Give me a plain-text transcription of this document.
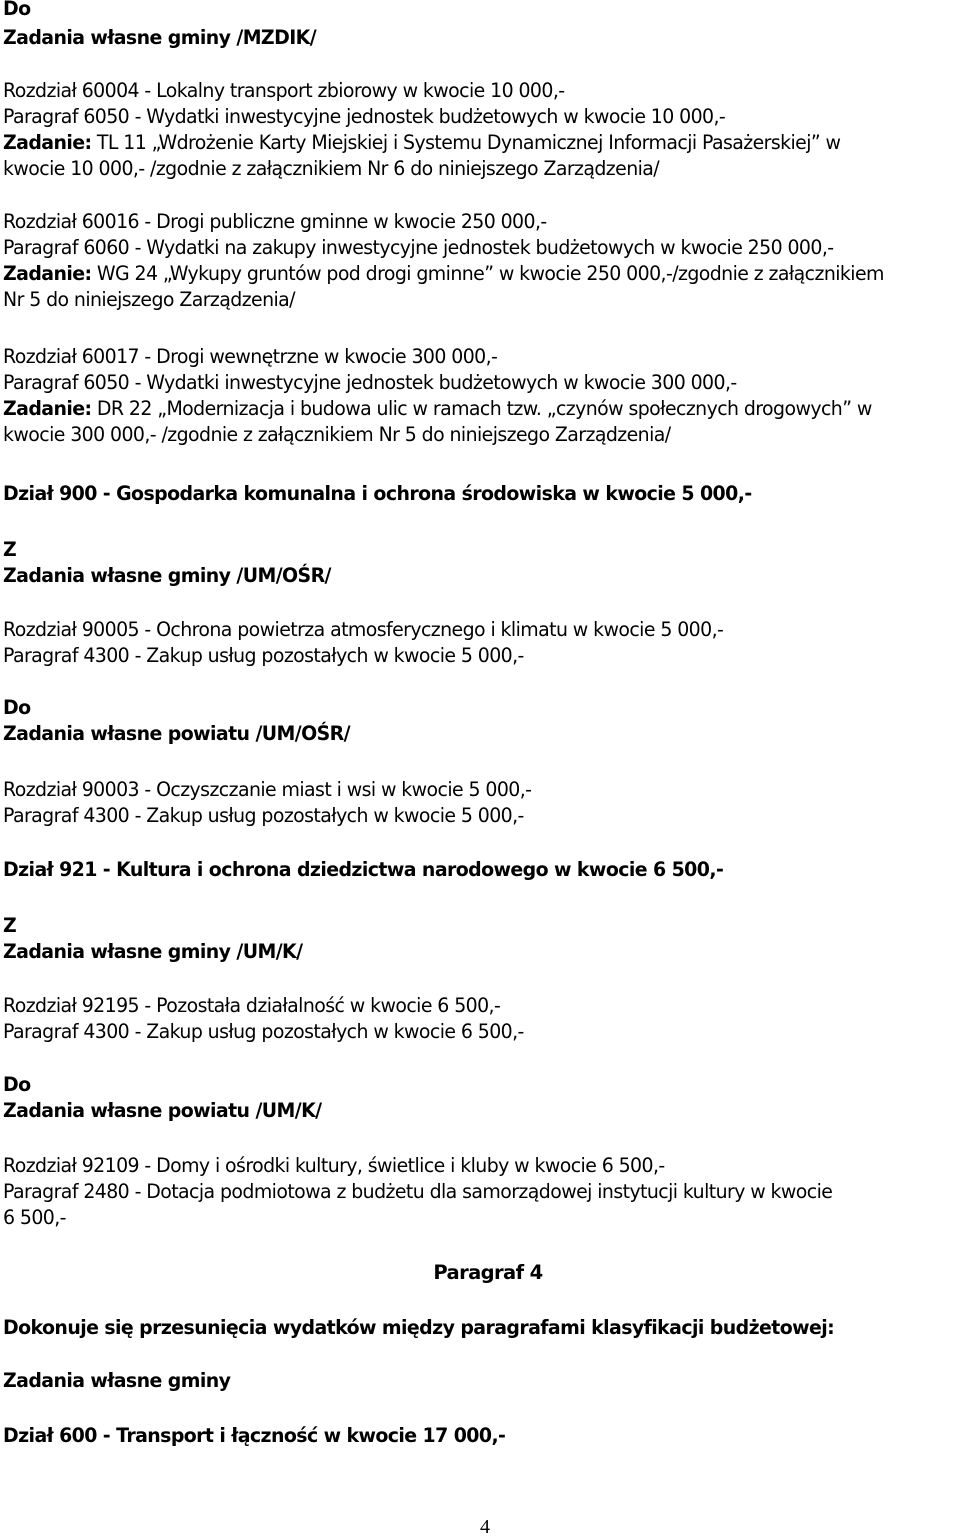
Do
Zadania własne gminy /MZDIK/
Rozdział 60004 - Lokalny transport zbiorowy w kwocie 10 000,-
Paragraf 6050 - Wydatki inwestycyjne jednostek budżetowych w kwocie 10 000,-
Zadanie: TL 11 „Wdrożenie Karty Miejskiej i Systemu Dynamicznej Informacji Pasażerskiej” w
kwocie 10 000,- /zgodnie z załącznikiem Nr 6 do niniejszego Zarządzenia/
Rozdział 60016 - Drogi publiczne gminne w kwocie 250 000,-
Paragraf 6060 - Wydatki na zakupy inwestycyjne jednostek budżetowych w kwocie 250 000,-
Zadanie: WG 24 „Wykupy gruntów pod drogi gminne” w kwocie 250 000,-/zgodnie z załącznikiem
Nr 5 do niniejszego Zarządzenia/
Rozdział 60017 - Drogi wewnętrzne w kwocie 300 000,-
Paragraf 6050 - Wydatki inwestycyjne jednostek budżetowych w kwocie 300 000,-
Zadanie: DR 22 „Modernizacja i budowa ulic w ramach tzw. „czynów społecznych drogowych” w
kwocie 300 000,- /zgodnie z załącznikiem Nr 5 do niniejszego Zarządzenia/
Dział 900 - Gospodarka komunalna i ochrona środowiska w kwocie 5 000,-
Z
Zadania własne gminy /UM/OŚR/
Rozdział 90005 - Ochrona powietrza atmosferycznego i klimatu w kwocie 5 000,-
Paragraf 4300 - Zakup usług pozostałych w kwocie 5 000,-
Do
Zadania własne powiatu /UM/OŚR/
Rozdział 90003 - Oczyszczanie miast i wsi w kwocie 5 000,-
Paragraf 4300 - Zakup usług pozostałych w kwocie 5 000,-
Dział 921 - Kultura i ochrona dziedzictwa narodowego w kwocie 6 500,-
Z
Zadania własne gminy /UM/K/
Rozdział 92195 - Pozostała działalność w kwocie 6 500,-
Paragraf 4300 - Zakup usług pozostałych w kwocie 6 500,-
Do
Zadania własne powiatu /UM/K/
Rozdział 92109 - Domy i ośrodki kultury, świetlice i kluby w kwocie 6 500,-
Paragraf 2480 - Dotacja podmiotowa z budżetu dla samorządowej instytucji kultury w kwocie
6 500,-
Paragraf 4
Dokonuje się przesunięcia wydatków między paragrafami klasyfikacji budżetowej:
Zadania własne gminy
Dział 600 - Transport i łączność w kwocie 17 000,-
4
